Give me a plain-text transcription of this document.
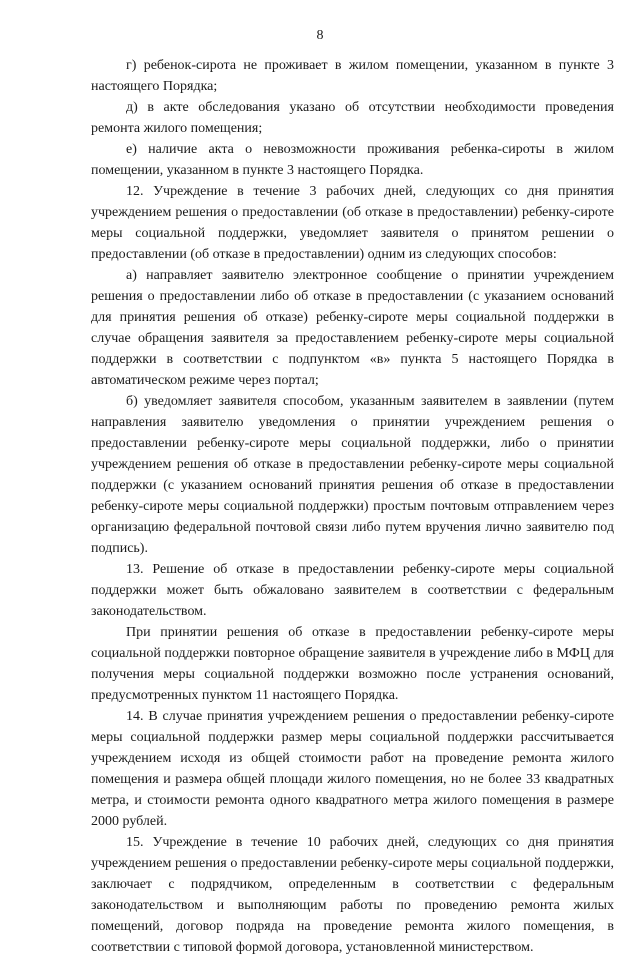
8

г) ребенок-сирота не проживает в жилом помещении, указанном в пункте 3 настоящего Порядка;

д) в акте обследования указано об отсутствии необходимости проведения ремонта жилого помещения;

е) наличие акта о невозможности проживания ребенка-сироты в жилом помещении, указанном в пункте 3 настоящего Порядка.

12. Учреждение в течение 3 рабочих дней, следующих со дня принятия учреждением решения о предоставлении (об отказе в предоставлении) ребенку-сироте меры социальной поддержки, уведомляет заявителя о принятом решении о предоставлении (об отказе в предоставлении) одним из следующих способов:

а) направляет заявителю электронное сообщение о принятии учреждением решения о предоставлении либо об отказе в предоставлении (с указанием оснований для принятия решения об отказе) ребенку-сироте меры социальной поддержки в случае обращения заявителя за предоставлением ребенку-сироте меры социальной поддержки в соответствии с подпунктом «в» пункта 5 настоящего Порядка в автоматическом режиме через портал;

б) уведомляет заявителя способом, указанным заявителем в заявлении (путем направления заявителю уведомления о принятии учреждением решения о предоставлении ребенку-сироте меры социальной поддержки, либо о принятии учреждением решения об отказе в предоставлении ребенку-сироте меры социальной поддержки (с указанием оснований принятия решения об отказе в предоставлении ребенку-сироте меры социальной поддержки) простым почтовым отправлением через организацию федеральной почтовой связи либо путем вручения лично заявителю под подпись).

13. Решение об отказе в предоставлении ребенку-сироте меры социальной поддержки может быть обжаловано заявителем в соответствии с федеральным законодательством.

При принятии решения об отказе в предоставлении ребенку-сироте меры социальной поддержки повторное обращение заявителя в учреждение либо в МФЦ для получения меры социальной поддержки возможно после устранения оснований, предусмотренных пунктом 11 настоящего Порядка.

14. В случае принятия учреждением решения о предоставлении ребенку-сироте меры социальной поддержки размер меры социальной поддержки рассчитывается учреждением исходя из общей стоимости работ на проведение ремонта жилого помещения и размера общей площади жилого помещения, но не более 33 квадратных метра, и стоимости ремонта одного квадратного метра жилого помещения в размере 2000 рублей.

15. Учреждение в течение 10 рабочих дней, следующих со дня принятия учреждением решения о предоставлении ребенку-сироте меры социальной поддержки, заключает с подрядчиком, определенным в соответствии с федеральным законодательством и выполняющим работы по проведению ремонта жилых помещений, договор подряда на проведение ремонта жилого помещения, в соответствии с типовой формой договора, установленной министерством.
